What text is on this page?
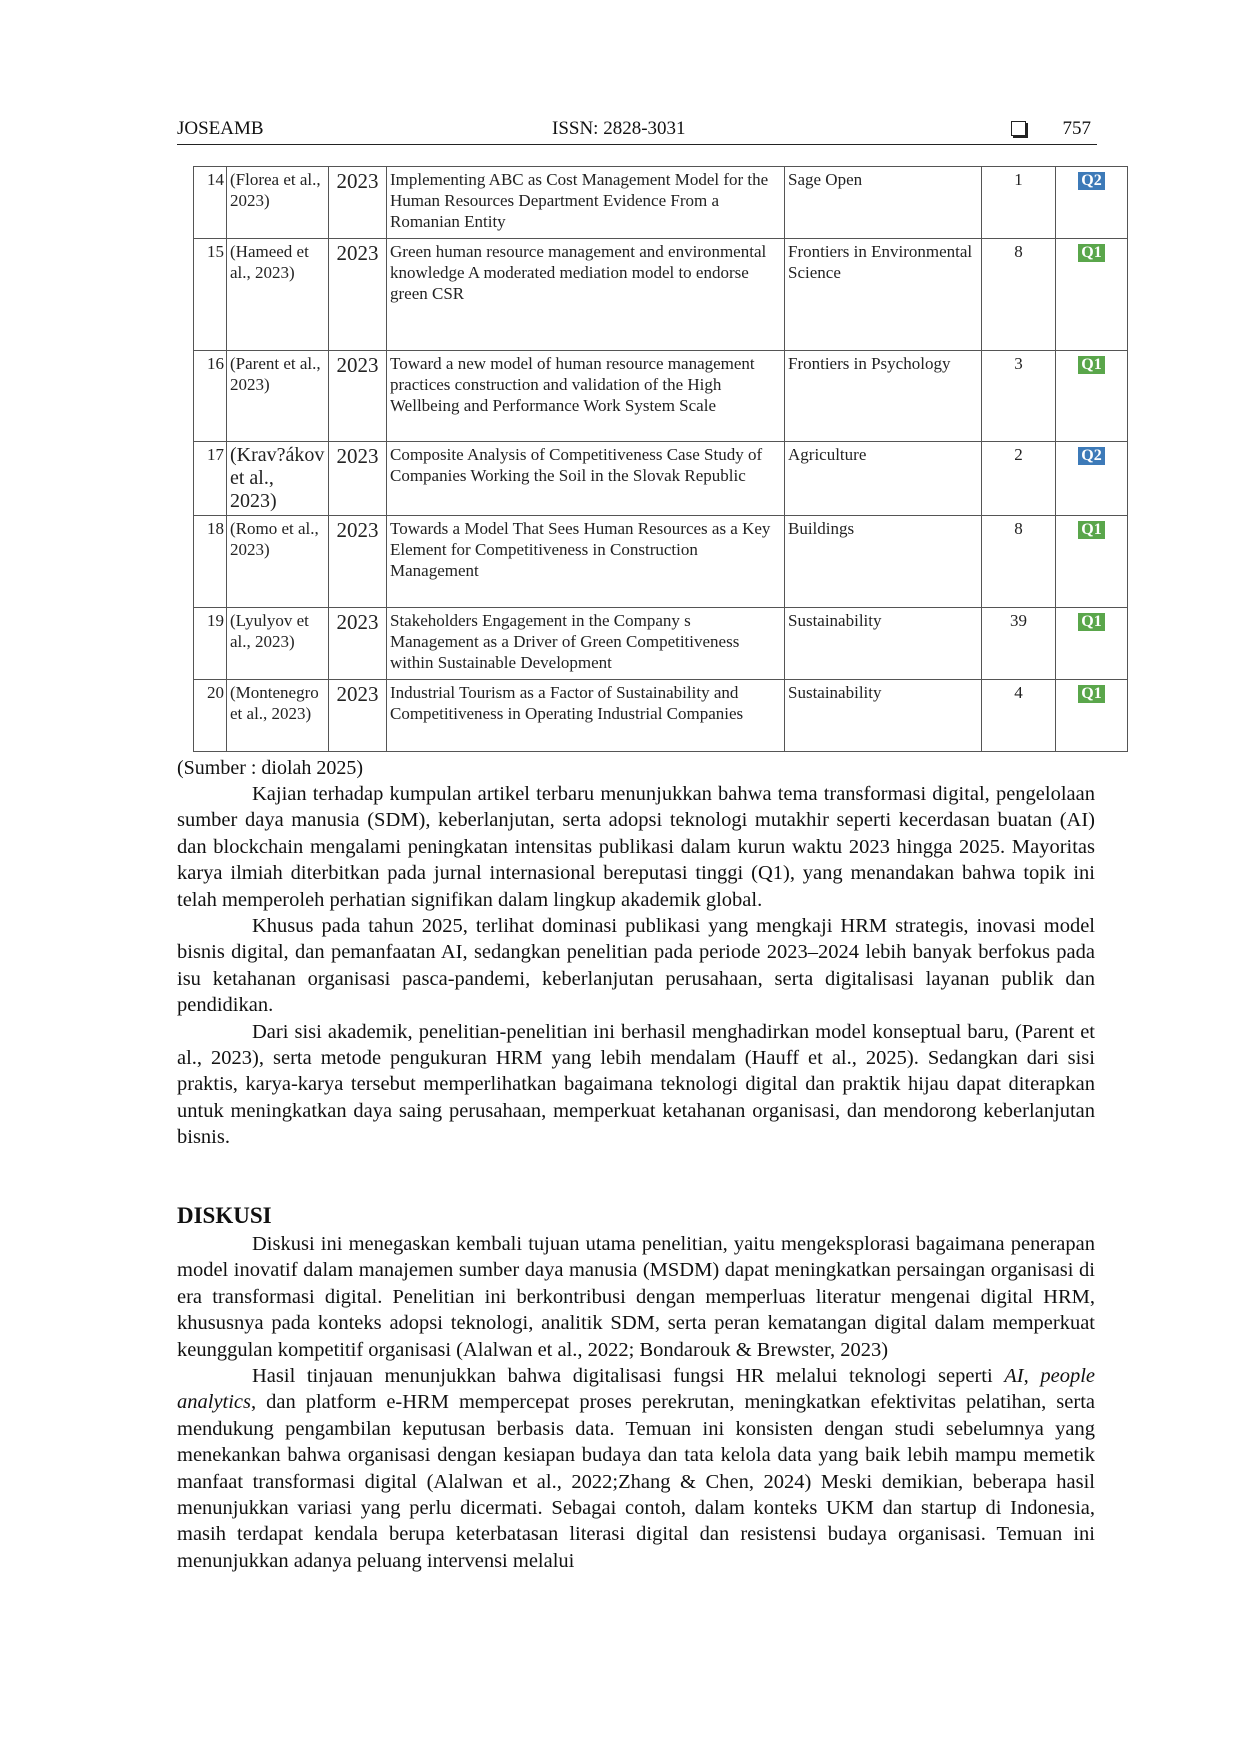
JOSEAMB	ISSN: 2828-3031	757
14	(Florea et al., 2023)	2023	Implementing ABC as Cost Management Model for the Human Resources Department Evidence From a Romanian Entity	Sage Open	1	Q2
15	(Hameed et al., 2023)	2023	Green human resource management and environmental knowledge A moderated mediation model to endorse green CSR	Frontiers in Environmental Science	8	Q1
16	(Parent et al., 2023)	2023	Toward a new model of human resource management practices construction and validation of the High Wellbeing and Performance Work System Scale	Frontiers in Psychology	3	Q1
17	(Krav?ákov et al., 2023)	2023	Composite Analysis of Competitiveness Case Study of Companies Working the Soil in the Slovak Republic	Agriculture	2	Q2
18	(Romo et al., 2023)	2023	Towards a Model That Sees Human Resources as a Key Element for Competitiveness in Construction Management	Buildings	8	Q1
19	(Lyulyov et al., 2023)	2023	Stakeholders Engagement in the Company s Management as a Driver of Green Competitiveness within Sustainable Development	Sustainability	39	Q1
20	(Montenegro et al., 2023)	2023	Industrial Tourism as a Factor of Sustainability and Competitiveness in Operating Industrial Companies	Sustainability	4	Q1
(Sumber : diolah 2025)

Kajian terhadap kumpulan artikel terbaru menunjukkan bahwa tema transformasi digital, pengelolaan sumber daya manusia (SDM), keberlanjutan, serta adopsi teknologi mutakhir seperti kecerdasan buatan (AI) dan blockchain mengalami peningkatan intensitas publikasi dalam kurun waktu 2023 hingga 2025. Mayoritas karya ilmiah diterbitkan pada jurnal internasional bereputasi tinggi (Q1), yang menandakan bahwa topik ini telah memperoleh perhatian signifikan dalam lingkup akademik global.

Khusus pada tahun 2025, terlihat dominasi publikasi yang mengkaji HRM strategis, inovasi model bisnis digital, dan pemanfaatan AI, sedangkan penelitian pada periode 2023–2024 lebih banyak berfokus pada isu ketahanan organisasi pasca-pandemi, keberlanjutan perusahaan, serta digitalisasi layanan publik dan pendidikan.

Dari sisi akademik, penelitian-penelitian ini berhasil menghadirkan model konseptual baru, (Parent et al., 2023), serta metode pengukuran HRM yang lebih mendalam (Hauff et al., 2025). Sedangkan dari sisi praktis, karya-karya tersebut memperlihatkan bagaimana teknologi digital dan praktik hijau dapat diterapkan untuk meningkatkan daya saing perusahaan, memperkuat ketahanan organisasi, dan mendorong keberlanjutan bisnis.

DISKUSI

Diskusi ini menegaskan kembali tujuan utama penelitian, yaitu mengeksplorasi bagaimana penerapan model inovatif dalam manajemen sumber daya manusia (MSDM) dapat meningkatkan persaingan organisasi di era transformasi digital. Penelitian ini berkontribusi dengan memperluas literatur mengenai digital HRM, khususnya pada konteks adopsi teknologi, analitik SDM, serta peran kematangan digital dalam memperkuat keunggulan kompetitif organisasi (Alalwan et al., 2022; Bondarouk & Brewster, 2023)

Hasil tinjauan menunjukkan bahwa digitalisasi fungsi HR melalui teknologi seperti AI, people analytics, dan platform e-HRM mempercepat proses perekrutan, meningkatkan efektivitas pelatihan, serta mendukung pengambilan keputusan berbasis data. Temuan ini konsisten dengan studi sebelumnya yang menekankan bahwa organisasi dengan kesiapan budaya dan tata kelola data yang baik lebih mampu memetik manfaat transformasi digital (Alalwan et al., 2022;Zhang & Chen, 2024) Meski demikian, beberapa hasil menunjukkan variasi yang perlu dicermati. Sebagai contoh, dalam konteks UKM dan startup di Indonesia, masih terdapat kendala berupa keterbatasan literasi digital dan resistensi budaya organisasi. Temuan ini menunjukkan adanya peluang intervensi melalui
